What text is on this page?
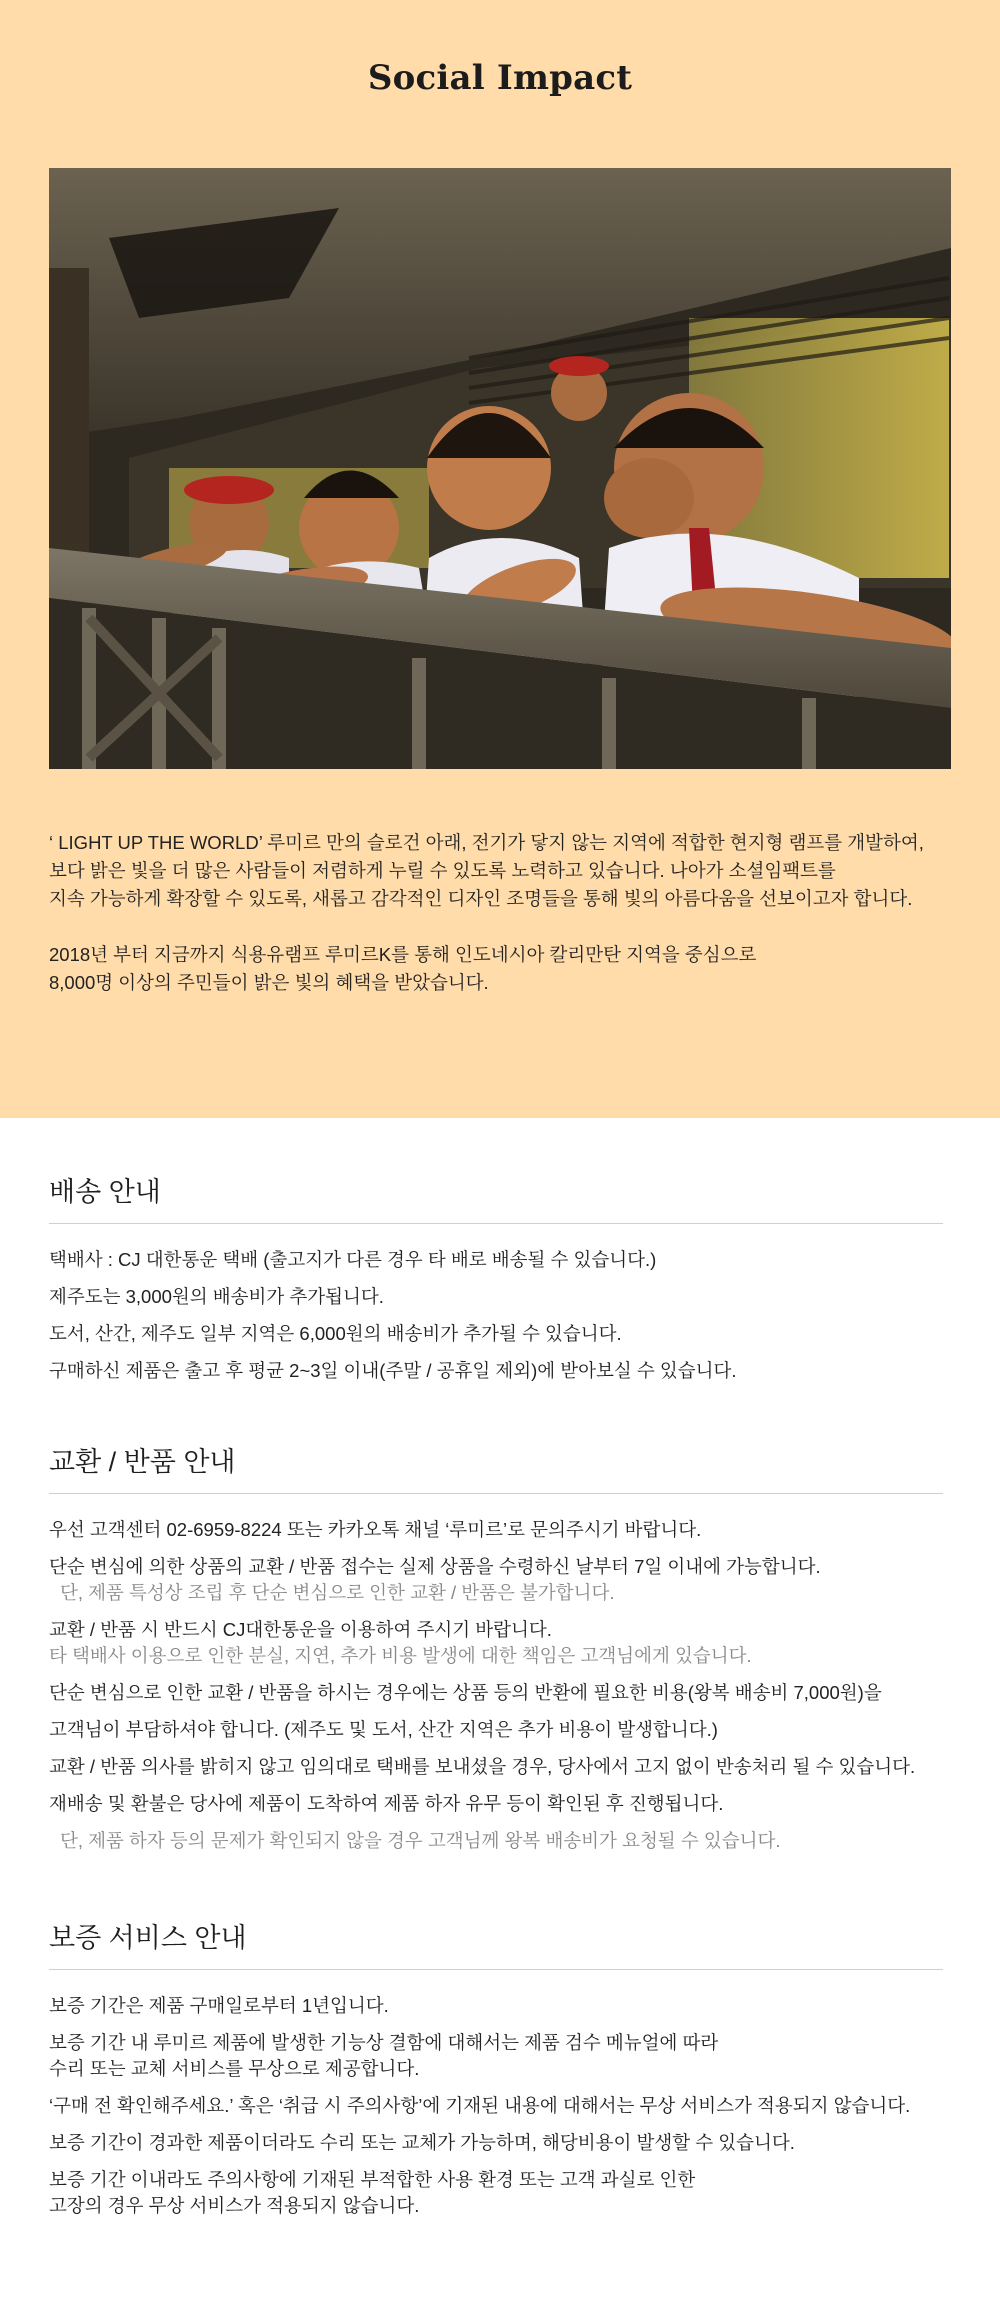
Social Impact

‘ LIGHT UP THE WORLD’ 루미르 만의 슬로건 아래, 전기가 닿지 않는 지역에 적합한 현지형 램프를 개발하여,

보다 밝은 빛을 더 많은 사람들이 저렴하게 누릴 수 있도록 노력하고 있습니다. 나아가 소셜임팩트를

지속 가능하게 확장할 수 있도록, 새롭고 감각적인 디자인 조명들을 통해 빛의 아름다움을 선보이고자 합니다.

2018년 부터 지금까지 식용유램프 루미르K를 통해 인도네시아 칼리만탄 지역을 중심으로

8,000명 이상의 주민들이 밝은 빛의 혜택을 받았습니다.

배송 안내
택배사 : CJ 대한통운 택배 (출고지가 다른 경우 타 배로 배송될 수 있습니다.)
제주도는 3,000원의 배송비가 추가됩니다.
도서, 산간, 제주도 일부 지역은 6,000원의 배송비가 추가될 수 있습니다.
구매하신 제품은 출고 후 평균 2~3일 이내(주말 / 공휴일 제외)에 받아보실 수 있습니다.
교환 / 반품 안내
우선 고객센터 02-6959-8224 또는 카카오톡 채널 ‘루미르’로 문의주시기 바랍니다.
단순 변심에 의한 상품의 교환 / 반품 접수는 실제 상품을 수령하신 날부터 7일 이내에 가능합니다.
단, 제품 특성상 조립 후 단순 변심으로 인한 교환 / 반품은 불가합니다.
교환 / 반품 시 반드시 CJ대한통운을 이용하여 주시기 바랍니다.
타 택배사 이용으로 인한 분실, 지연, 추가 비용 발생에 대한 책임은 고객님에게 있습니다.
단순 변심으로 인한 교환 / 반품을 하시는 경우에는 상품 등의 반환에 필요한 비용(왕복 배송비 7,000원)을
고객님이 부담하셔야 합니다. (제주도 및 도서, 산간 지역은 추가 비용이 발생합니다.)
교환 / 반품 의사를 밝히지 않고 임의대로 택배를 보내셨을 경우, 당사에서 고지 없이 반송처리 될 수 있습니다.
재배송 및 환불은 당사에 제품이 도착하여 제품 하자 유무 등이 확인된 후 진행됩니다.
단, 제품 하자 등의 문제가 확인되지 않을 경우 고객님께 왕복 배송비가 요청될 수 있습니다.
보증 서비스 안내
보증 기간은 제품 구매일로부터 1년입니다.
보증 기간 내 루미르 제품에 발생한 기능상 결함에 대해서는 제품 검수 메뉴얼에 따라
수리 또는 교체 서비스를 무상으로 제공합니다.
‘구매 전 확인해주세요.’ 혹은 ‘취급 시 주의사항’에 기재된 내용에 대해서는 무상 서비스가 적용되지 않습니다.
보증 기간이 경과한 제품이더라도 수리 또는 교체가 가능하며, 해당비용이 발생할 수 있습니다.
보증 기간 이내라도 주의사항에 기재된 부적합한 사용 환경 또는 고객 과실로 인한
고장의 경우 무상 서비스가 적용되지 않습니다.
